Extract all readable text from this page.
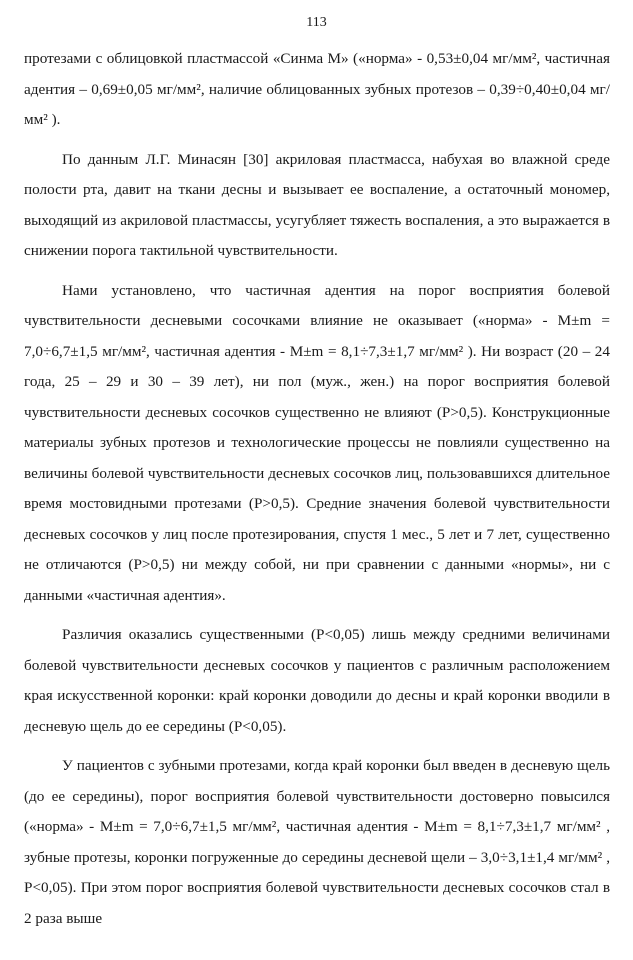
113

протезами с облицовкой пластмассой «Синма М» («норма» - 0,53±0,04 мг/мм², частичная адентия – 0,69±0,05 мг/мм², наличие облицованных зубных протезов – 0,39÷0,40±0,04 мг/мм² ).

По данным Л.Г. Минасян [30] акриловая пластмасса, набухая во влажной среде полости рта, давит на ткани десны и вызывает ее воспаление, а остаточный мономер, выходящий из акриловой пластмассы, усугубляет тяжесть воспаления, а это выражается в снижении порога тактильной чувствительности.

Нами установлено, что частичная адентия на порог восприятия болевой чувствительности десневыми сосочками влияние не оказывает («норма» - M±m = 7,0÷6,7±1,5 мг/мм², частичная адентия - M±m = 8,1÷7,3±1,7 мг/мм² ). Ни возраст (20 – 24 года, 25 – 29 и 30 – 39 лет), ни пол (муж., жен.) на порог восприятия болевой чувствительности десневых сосочков существенно не влияют (P>0,5). Конструкционные материалы зубных протезов и технологические процессы не повлияли существенно на величины болевой чувствительности десневых сосочков лиц, пользовавшихся длительное время мостовидными протезами (P>0,5). Средние значения болевой чувствительности десневых сосочков у лиц после протезирования, спустя 1 мес., 5 лет и 7 лет, существенно не отличаются (P>0,5) ни между собой, ни при сравнении с данными «нормы», ни с данными «частичная адентия».

Различия оказались существенными (P<0,05) лишь между средними величинами болевой чувствительности десневых сосочков у пациентов с различным расположением края искусственной коронки: край коронки доводили до десны и край коронки вводили в десневую щель до ее середины (P<0,05).

У пациентов с зубными протезами, когда край коронки был введен в десневую щель (до ее середины), порог восприятия болевой чувствительности достоверно повысился («норма» - M±m = 7,0÷6,7±1,5 мг/мм², частичная адентия - M±m = 8,1÷7,3±1,7 мг/мм² , зубные протезы, коронки погруженные до середины десневой щели – 3,0÷3,1±1,4 мг/мм² , P<0,05). При этом порог восприятия болевой чувствительности десневых сосочков стал в 2 раза выше
